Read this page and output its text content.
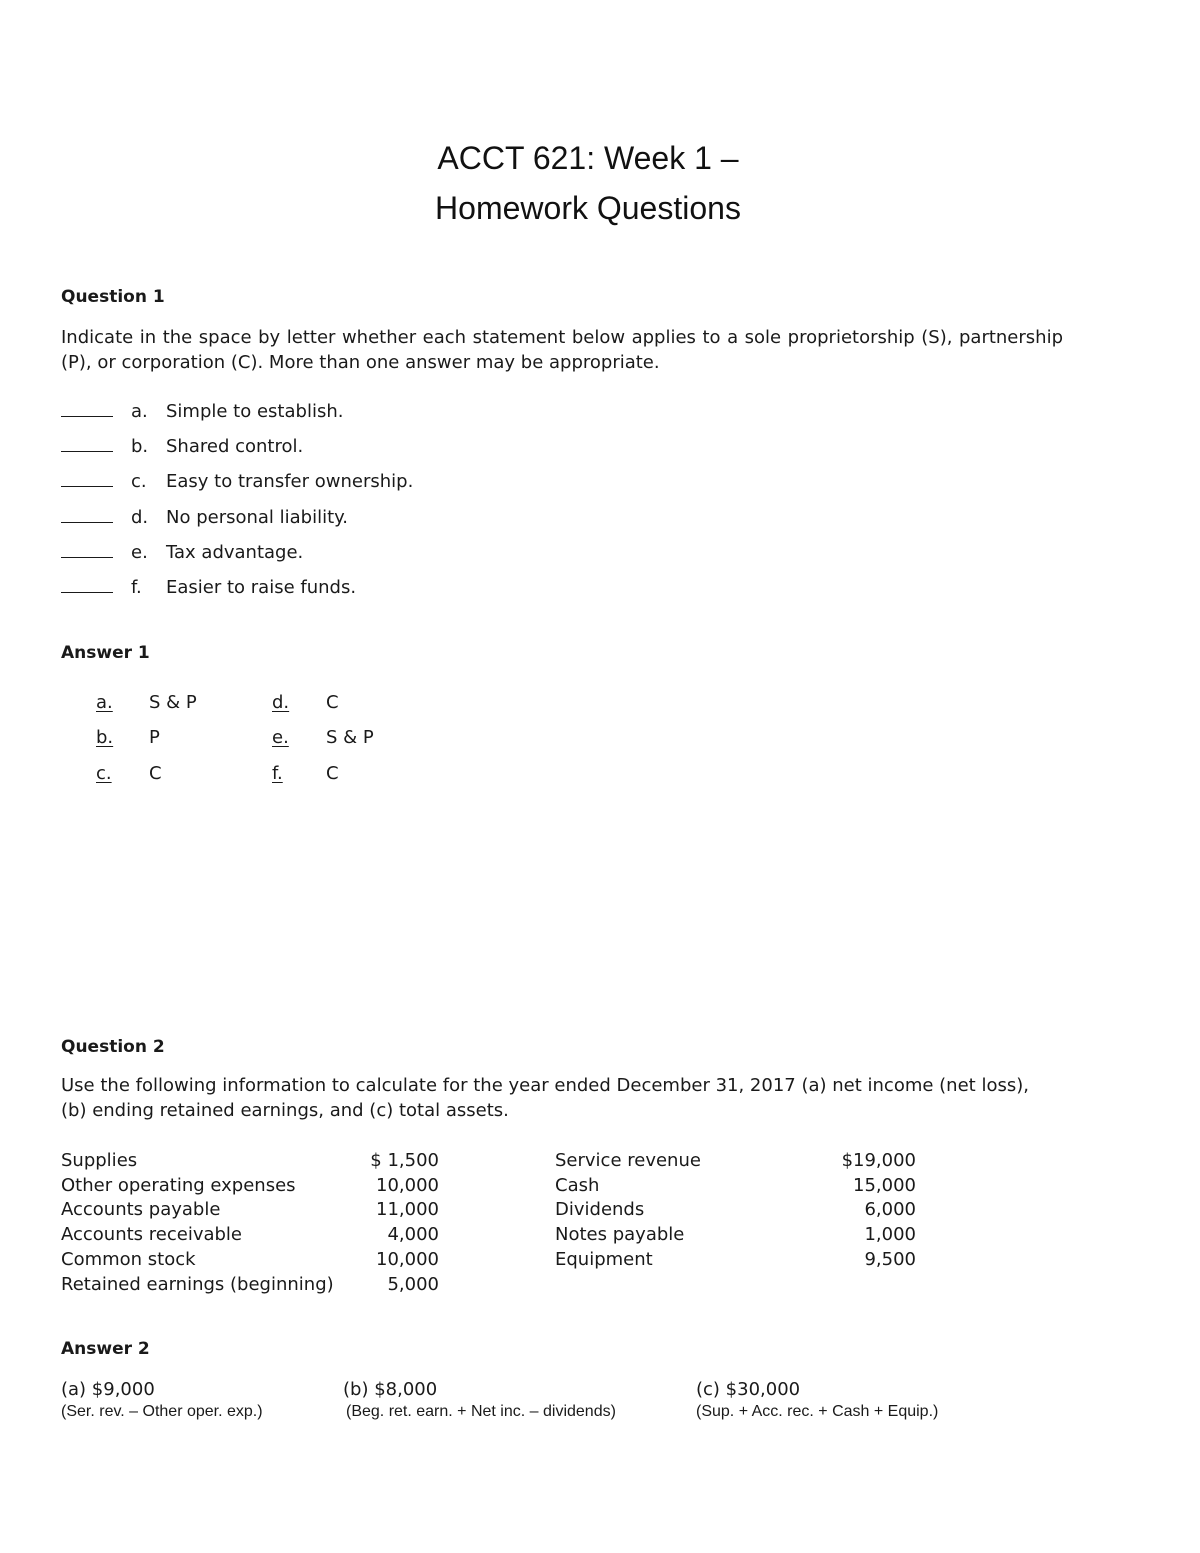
ACCT 621: Week 1 –
Homework Questions
Question 1
Indicate in the space by letter whether each statement below applies to a sole proprietorship (S), partnership (P), or corporation (C). More than one answer may be appropriate.
a. Simple to establish.
b. Shared control.
c. Easy to transfer ownership.
d. No personal liability.
e. Tax advantage.
f. Easier to raise funds.
Answer 1
a. S & P
b. P
c. C
d. C
e. S & P
f. C
Question 2
Use the following information to calculate for the year ended December 31, 2017 (a) net income (net loss), (b) ending retained earnings, and (c) total assets.
Supplies	$ 1,500
Other operating expenses	10,000
Accounts payable	11,000
Accounts receivable	4,000
Common stock	10,000
Retained earnings (beginning)	5,000
Service revenue	$19,000
Cash	15,000
Dividends	6,000
Notes payable	1,000
Equipment	9,500
Answer 2
(a) $9,000
(Ser. rev. – Other oper. exp.)
(b) $8,000
(Beg. ret. earn. + Net inc. – dividends)
(c) $30,000
(Sup. + Acc. rec. + Cash + Equip.)
